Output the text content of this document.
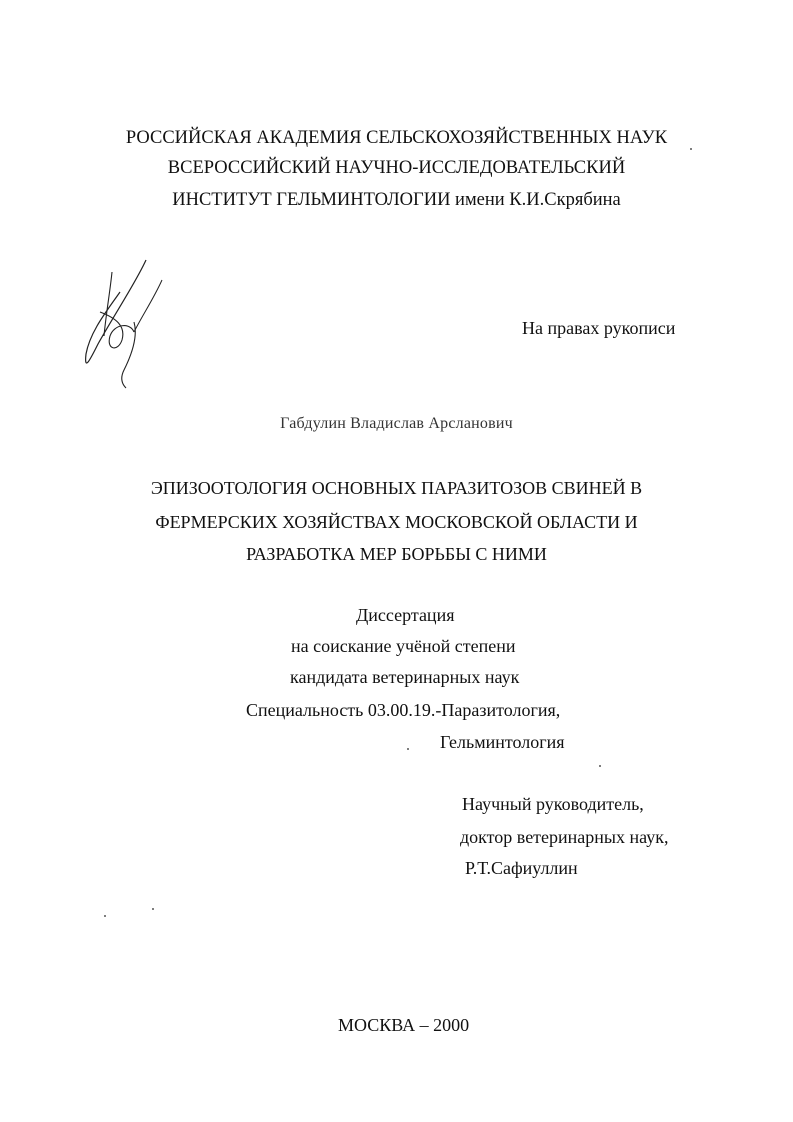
РОССИЙСКАЯ АКАДЕМИЯ СЕЛЬСКОХОЗЯЙСТВЕННЫХ НАУК
ВСЕРОССИЙСКИЙ НАУЧНО-ИССЛЕДОВАТЕЛЬСКИЙ
ИНСТИТУТ ГЕЛЬМИНТОЛОГИИ имени К.И.Скрябина
На правах рукописи
Габдулин Владислав Арсланович
ЭПИЗООТОЛОГИЯ ОСНОВНЫХ ПАРАЗИТОЗОВ СВИНЕЙ В
ФЕРМЕРСКИХ ХОЗЯЙСТВАХ МОСКОВСКОЙ ОБЛАСТИ И
РАЗРАБОТКА МЕР БОРЬБЫ С НИМИ
Диссертация
на соискание учёной степени
кандидата ветеринарных наук
Специальность 03.00.19.-Паразитология,
Гельминтология
Научный руководитель,
доктор ветеринарных наук,
Р.Т.Сафиуллин
МОСКВА – 2000
